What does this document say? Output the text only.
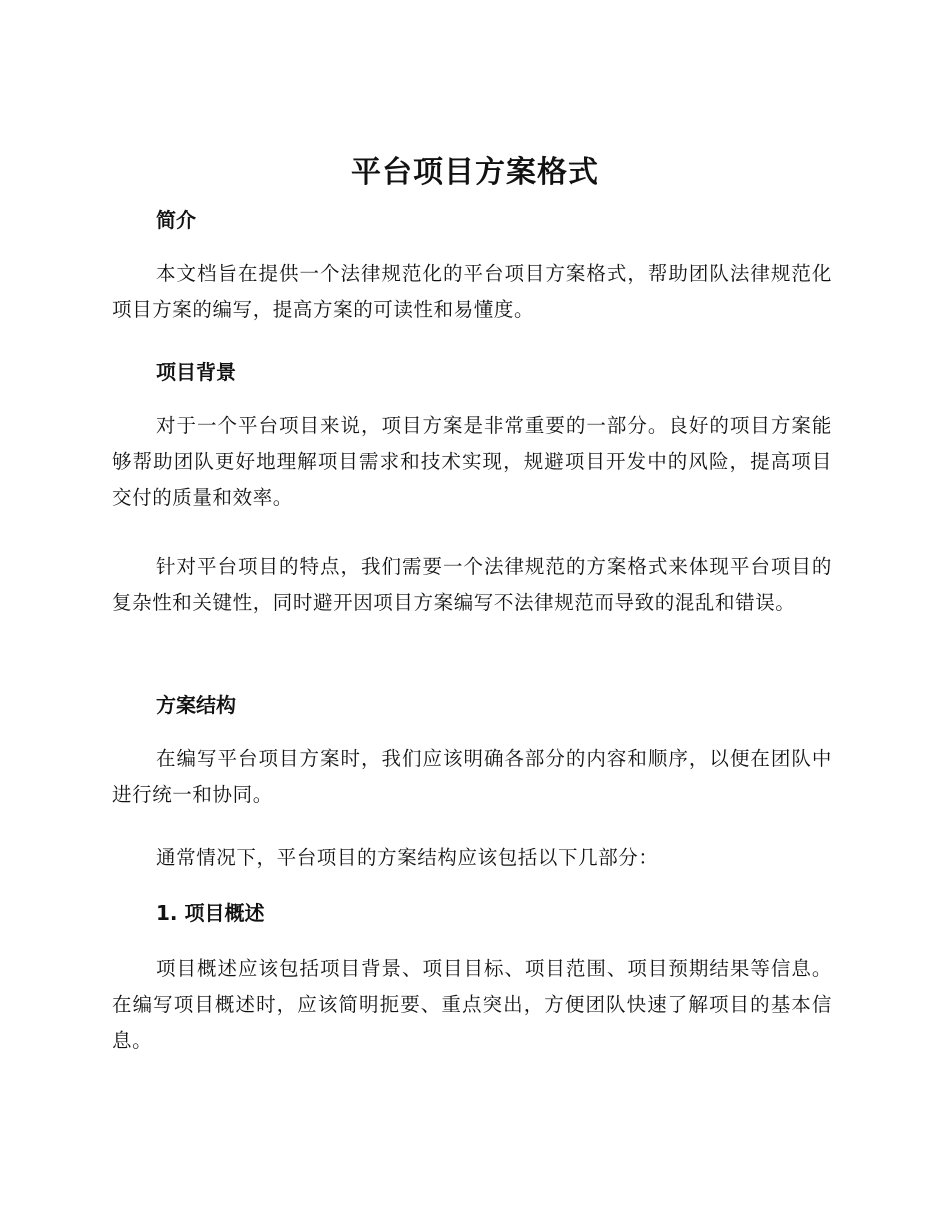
平台项目方案格式
简介
本文档旨在提供一个法律规范化的平台项目方案格式，帮助团队法律规范化项目方案的编写，提高方案的可读性和易懂度。
项目背景
对于一个平台项目来说，项目方案是非常重要的一部分。良好的项目方案能够帮助团队更好地理解项目需求和技术实现，规避项目开发中的风险，提高项目交付的质量和效率。
针对平台项目的特点，我们需要一个法律规范的方案格式来体现平台项目的复杂性和关键性，同时避开因项目方案编写不法律规范而导致的混乱和错误。
方案结构
在编写平台项目方案时，我们应该明确各部分的内容和顺序，以便在团队中进行统一和协同。
通常情况下，平台项目的方案结构应该包括以下几部分：
1. 项目概述
项目概述应该包括项目背景、项目目标、项目范围、项目预期结果等信息。在编写项目概述时，应该简明扼要、重点突出，方便团队快速了解项目的基本信息。
